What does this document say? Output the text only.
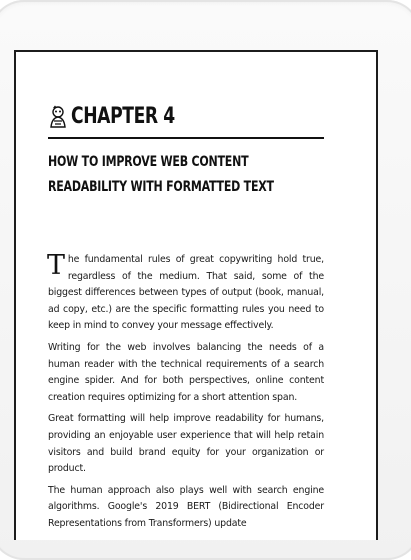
CHAPTER 4
HOW TO IMPROVE WEB CONTENT READABILITY WITH FORMATTED TEXT

The fundamental rules of great copywriting hold true, regardless of the medium. That said, some of the biggest differences between types of output (book, manual, ad copy, etc.) are the specific formatting rules you need to keep in mind to convey your message effectively.

Writing for the web involves balancing the needs of a human reader with the technical requirements of a search engine spider. And for both perspectives, online content creation requires optimizing for a short attention span.

Great formatting will help improve readability for humans, providing an enjoyable user experience that will help retain visitors and build brand equity for your organization or product.

The human approach also plays well with search engine algorithms. Google's 2019 BERT (Bidirectional Encoder Representations from Transformers) update
